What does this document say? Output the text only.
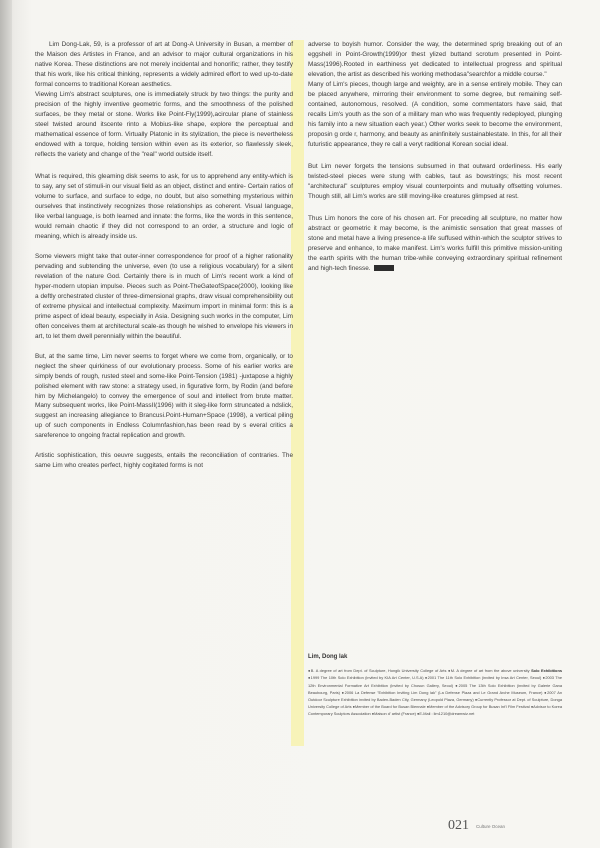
Lim Dong-Lak, 59, is a professor of art at Dong-A University in Busan, a member of the Maison des Artistes in France, and an advisor to major cultural organizations in his native Korea. These distinctions are not merely incidental and honorific; rather, they testify that his work, like his critical thinking, represents a widely admired effort to wed up-to-date formal concerns to traditional Korean aesthetics.

Viewing Lim's abstract sculptures, one is immediately struck by two things: the purity and precision of the highly inventive geometric forms, and the smoothness of the polished surfaces, be they metal or stone. Works like Point-Fly(1999),acircular plane of stainless steel twisted around itscente rinto a Mobius-like shape, explore the perceptual and mathematical essence of form. Virtually Platonic in its stylization, the piece is nevertheless endowed with a torque, holding tension within even as its exterior, so flawlessly sleek, reflects the variety and change of the "real" world outside itself.

What is required, this gleaming disk seems to ask, for us to apprehend any entity-which is to say, any set of stimuli-in our visual field as an object, distinct and entire- Certain ratios of volume to surface, and surface to edge, no doubt, but also something mysterious within ourselves that instinctively recognizes those relationships as coherent. Visual language, like verbal language, is both learned and innate: the forms, like the words in this sentence, would remain chaotic if they did not correspond to an order, a structure and logic of meaning, which is already inside us.

Some viewers might take that outer-inner correspondence for proof of a higher rationality pervading and subtending the universe, even (to use a religious vocabulary) for a silent revelation of the nature God. Certainly there is in much of Lim's recent work a kind of hyper-modern utopian impulse. Pieces such as Point-TheGateofSpace(2000), looking like a deftly orchestrated cluster of three-dimensional graphs, draw visual comprehensibility out of extreme physical and intellectual complexity. Maximum import in minimal form: this is a prime aspect of ideal beauty, especially in Asia. Designing such works in the computer, Lim often conceives them at architectural scale-as though he wished to envelope his viewers in art, to let them dwell perennially within the beautiful.

But, at the same time, Lim never seems to forget where we come from, organically, or to neglect the sheer quirkiness of our evolutionary process. Some of his earlier works are simply bends of rough, rusted steel and some-like Point-Tension (1981) -juxtapose a highly polished element with raw stone: a strategy used, in figurative form, by Rodin (and before him by Michelangelo) to convey the emergence of soul and intellect from brute matter. Many subsequent works, like Point-MassII(1996) with it sleg-like form struncated a ndslick, suggest an increasing allegiance to Brancusi.Point-Human+Space (1998), a vertical piling up of such components in Endless Columnfashion,has been read by s everal critics a sareference to ongoing fractal replication and growth.

Artistic sophistication, this oeuvre suggests, entails the reconciliation of contraries. The same Lim who creates perfect, highly cogitated forms is not

adverse to boyish humor. Consider the way, the determined sprig breaking out of an eggshell in Point-Growth(1999)or thest ylized buttand scrotum presented in Point-Mass(1996).Rooted in earthiness yet dedicated to intellectual progress and spiritual elevation, the artist as described his working methodasa"searchfor a middle course."

Many of Lim's pieces, though large and weighty, are in a sense entirely mobile. They can be placed anywhere, mirroring their environment to some degree, but remaining self-contained, autonomous, resolved. (A condition, some commentators have said, that recalls Lim's youth as the son of a military man who was frequently redeployed, plunging his family into a new situation each year.) Other works seek to become the environment, proposin g orde r, harmony, and beauty as aninfinitely sustainablestate. In this, for all their futuristic appearance, they re call a veryt raditional Korean social ideal.

But Lim never forgets the tensions subsumed in that outward orderliness. His early twisted-steel pieces were stung with cables, taut as bowstrings; his most recent "architectural" sculptures employ visual counterpoints and mutually offsetting volumes. Though still, all Lim's works are still moving-like creatures glimpsed at rest.

Thus Lim honors the core of his chosen art. For preceding all sculpture, no matter how abstract or geometric it may become, is the animistic sensation that great masses of stone and metal have a living presence-a life suffused within-which the sculptor strives to preserve and enhance, to make manifest. Lim's works fulfill this primitive mission-uniting the earth spirits with the human tribe-while conveying extraordinary spiritual refinement and high-tech finesse.

Lim, Dong lak
●B. A degree of art from Dept. of Sculpture, Hongik University College of Arts ●M. A degree of art from the above university Solo Exhibitions ●1999 The 10th Solo Exhibition (invited by KIA Art Center, U.S.A) ●2001 The 11th Solo Exhibition (invited by Insa Art Center, Seoul) ●2003 The 12th Environmental Formative Art Exhibition (invited by Chosun Gallery, Seoul) ●2005 The 13th Solo Exhibition (invited by Galerie Gana Beaubourg, Paris) ●2006 La Defense "Exhibition Inviting Lim Dong lak" (La Defense Plaza and Le Grand Arche Museum, France) ●2007 An Outdoor Sculpture Exhibition invited by Baden-Baden City, Germany (Leopold Plaza, Germany) ●Currently Professor at Dept. of Sculpture, Donga University College of Arts ●Member of the Board for Busan Biennale ●Member of the Advisory Group for Busan Int'l Film Festival ●Advisor to Korea Contemporary Sculptors Association ●Maison d' artist (France) ●E-Mail : lim1210@dreamwiz.net
021 Culture Ocean
